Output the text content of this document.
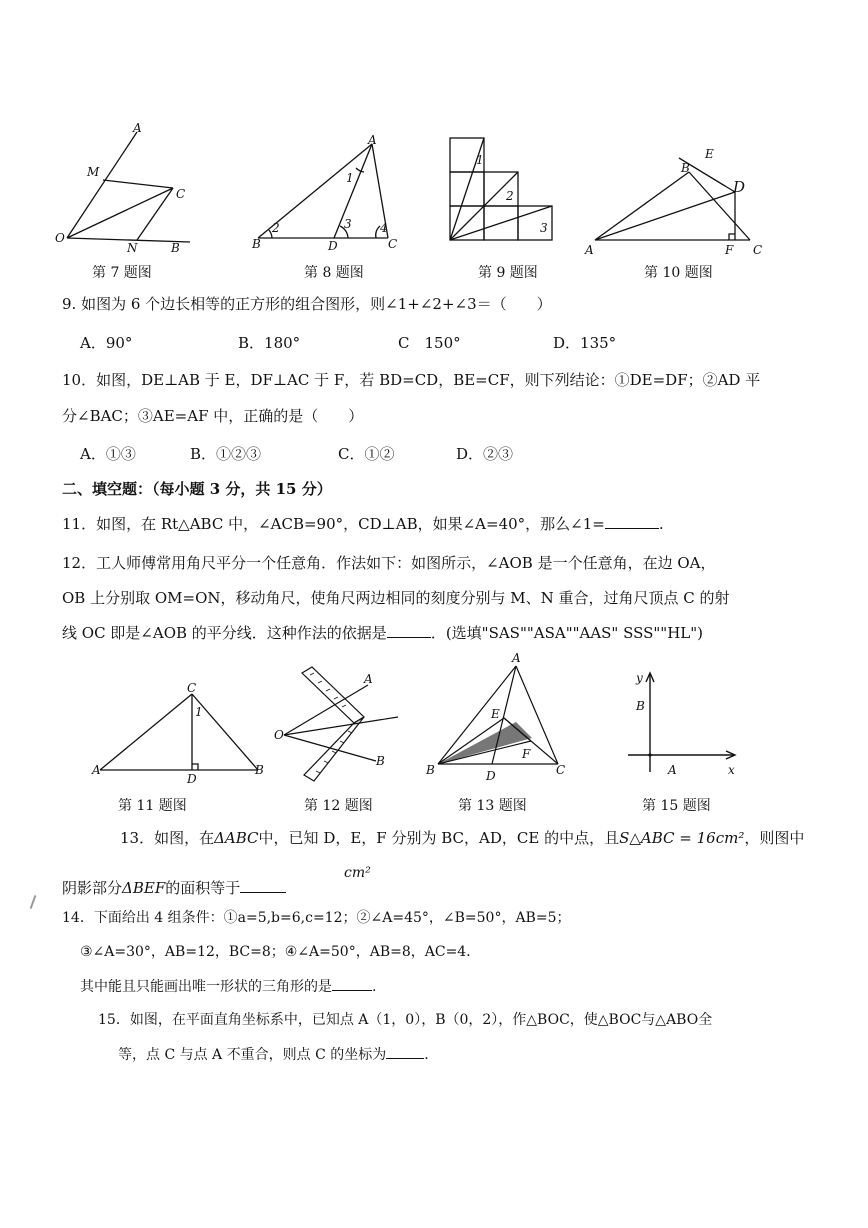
A
M
C
O
N	B
第 7 题图
A
1
B
2	3
D
4
C
第 8 题图
1
2
3
第 9 题图
B
E
D
A	F C
第 10 题图
9. 如图为 6 个边长相等的正方形的组合图形，则∠1+∠2+∠3＝（　　）
A．90°	B．180°	C　150°	D．135°
10．如图，DE⊥AB 于 E，DF⊥AC 于 F，若 BD=CD，BE=CF，则下列结论：①DE=DF；②AD 平
分∠BAC；③AE=AF 中，正确的是（　　）
A．①③	B．①②③	C．①②	D．②③
二、填空题：（每小题 3 分，共 15 分）
11．如图，在 Rt△ABC 中，∠ACB=90°，CD⊥AB，如果∠A=40°，那么∠1=	.
12．工人师傅常用角尺平分一个任意角．作法如下：如图所示，∠AOB 是一个任意角，在边 OA，
OB 上分别取 OM=ON，移动角尺，使角尺两边相同的刻度分别与 M、N 重合，过角尺顶点 C 的射
线 OC 即是∠AOB 的平分线．这种作法的依据是	．(选填"SAS""ASA""AAS" SSS""HL")
C
1
A
D
B
第 11 题图
A
O
B
第 12 题图
A
E
F
B	D	C
第 13 题图
y
B
A	x
第 15 题图
13．如图，在ΔABC中，已知 D，E，F 分别为 BC，AD，CE 的中点，且S△ABC = 16cm²，则图中
阴影部分ΔBEF的面积等于
cm²
14．下面给出 4 组条件：①a=5,b=6,c=12；②∠A=45°，∠B=50°，AB=5；
③∠A=30°，AB=12，BC=8；④∠A=50°，AB=8，AC=4．
其中能且只能画出唯一形状的三角形的是	.
15．如图，在平面直角坐标系中，已知点 A（1，0），B（0，2），作△BOC，使△BOC与△ABO全
等，点 C 与点 A 不重合，则点 C 的坐标为	.
